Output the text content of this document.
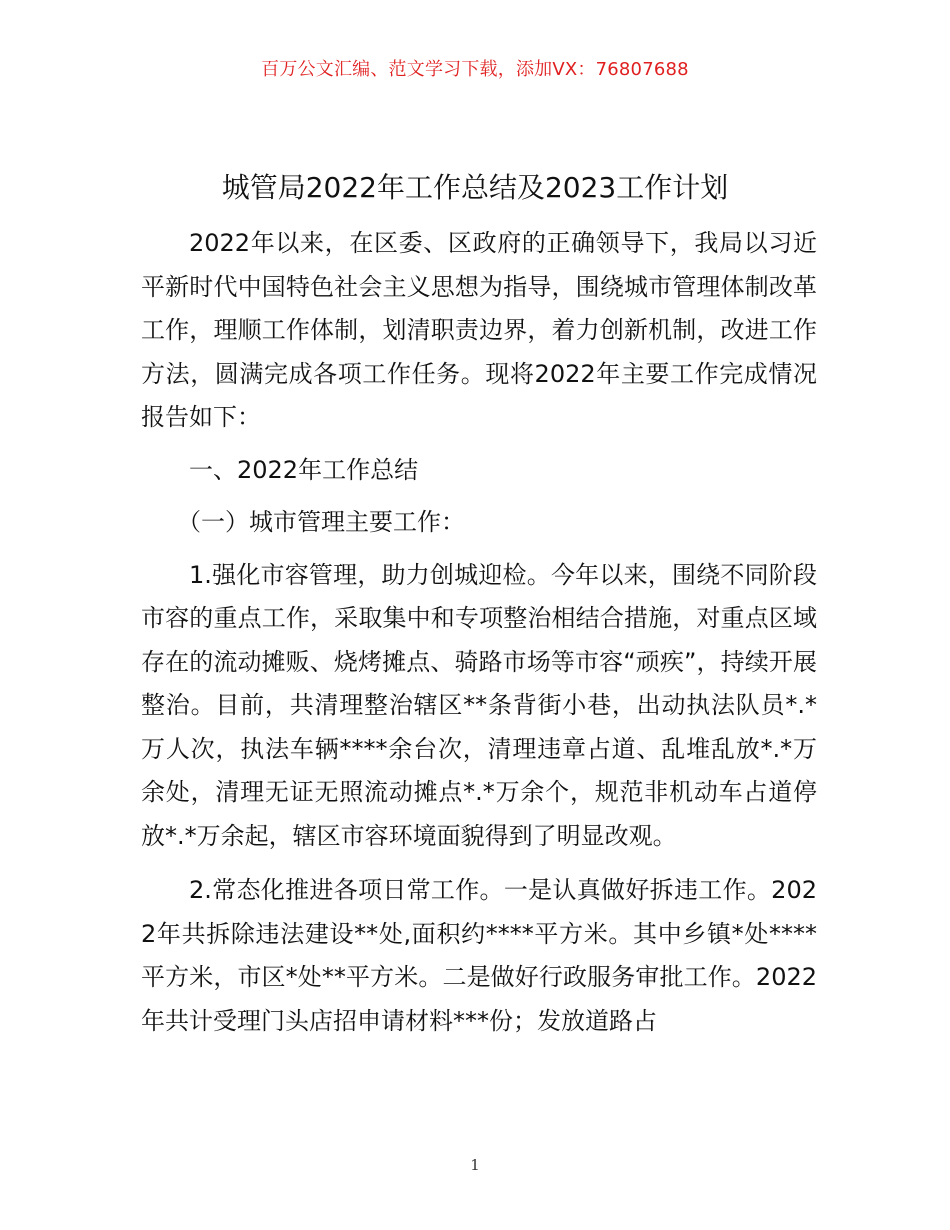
百万公文汇编、范文学习下载，添加VX：76807688
城管局2022年工作总结及2023工作计划

2022年以来，在区委、区政府的正确领导下，我局以习近平新时代中国特色社会主义思想为指导，围绕城市管理体制改革工作，理顺工作体制，划清职责边界，着力创新机制，改进工作方法，圆满完成各项工作任务。现将2022年主要工作完成情况报告如下：

一、2022年工作总结

（一）城市管理主要工作：

1.强化市容管理，助力创城迎检。今年以来，围绕不同阶段市容的重点工作，采取集中和专项整治相结合措施，对重点区域存在的流动摊贩、烧烤摊点、骑路市场等市容“顽疾”，持续开展整治。目前，共清理整治辖区**条背街小巷，出动执法队员*.*万人次，执法车辆****余台次，清理违章占道、乱堆乱放*.*万余处，清理无证无照流动摊点*.*万余个，规范非机动车占道停放*.*万余起，辖区市容环境面貌得到了明显改观。

2.常态化推进各项日常工作。一是认真做好拆违工作。2022年共拆除违法建设**处,面积约****平方米。其中乡镇*处****平方米，市区*处**平方米。二是做好行政服务审批工作。2022年共计受理门头店招申请材料***份；发放道路占

1
